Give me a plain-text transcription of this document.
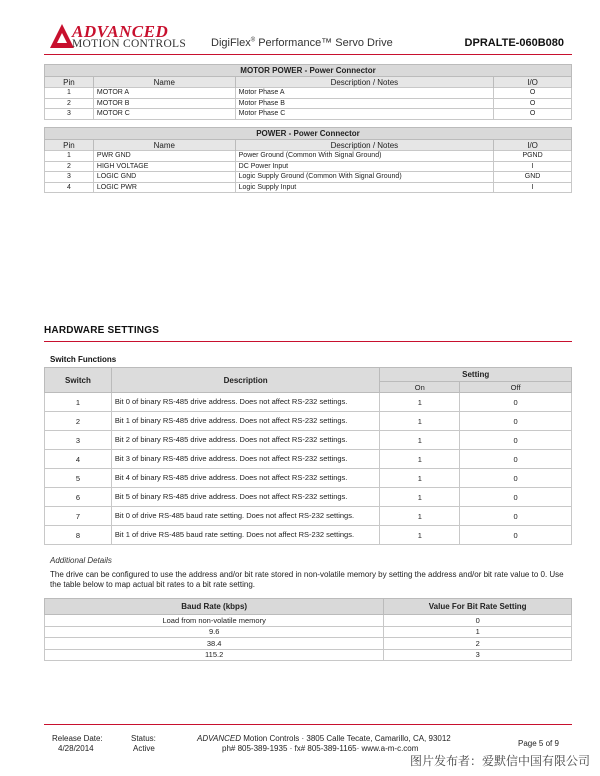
ADVANCED
MOTION CONTROLS DigiFlex® Performance™ Servo Drive	DPRALTE-060B080
MOTOR POWER - Power Connector			
Pin	Name	Description / Notes	I/O
1	MOTOR A	Motor Phase A	O
2	MOTOR B	Motor Phase B	O
3	MOTOR C	Motor Phase C	O
POWER - Power Connector			
Pin	Name	Description / Notes	I/O
1	PWR GND	Power Ground (Common With Signal Ground)	PGND
2	HIGH VOLTAGE	DC Power Input	I
3	LOGIC GND	Logic Supply Ground (Common With Signal Ground)	GND
4	LOGIC PWR	Logic Supply Input	I
HARDWARE SETTINGS
Switch Functions
Switch	Description	Setting	
		On	Off
1	Bit 0 of binary RS-485 drive address. Does not affect RS-232 settings.	1	0
2	Bit 1 of binary RS-485 drive address. Does not affect RS-232 settings.	1	0
3	Bit 2 of binary RS-485 drive address. Does not affect RS-232 settings.	1	0
4	Bit 3 of binary RS-485 drive address. Does not affect RS-232 settings.	1	0
5	Bit 4 of binary RS-485 drive address. Does not affect RS-232 settings.	1	0
6	Bit 5 of binary RS-485 drive address. Does not affect RS-232 settings.	1	0
7	Bit 0 of drive RS-485 baud rate setting. Does not affect RS-232 settings.	1	0
8	Bit 1 of drive RS-485 baud rate setting. Does not affect RS-232 settings.	1	0
Additional Details
The drive can be configured to use the address and/or bit rate stored in non-volatile memory by setting the address and/or bit rate value to 0. Use the table below to map actual bit rates to a bit rate setting.
Baud Rate (kbps)	Value For Bit Rate Setting
Load from non-volatile memory	0
9.6	1
38.4	2
115.2	3
Release Date:
4/28/2014
Status:
Active
ADVANCED Motion Controls · 3805 Calle Tecate, Camarillo, CA, 93012
ph# 805-389-1935 · fx# 805-389-1165· www.a-m-c.com
Page 5 of 9
图片发布者：爱默信中国有限公司
